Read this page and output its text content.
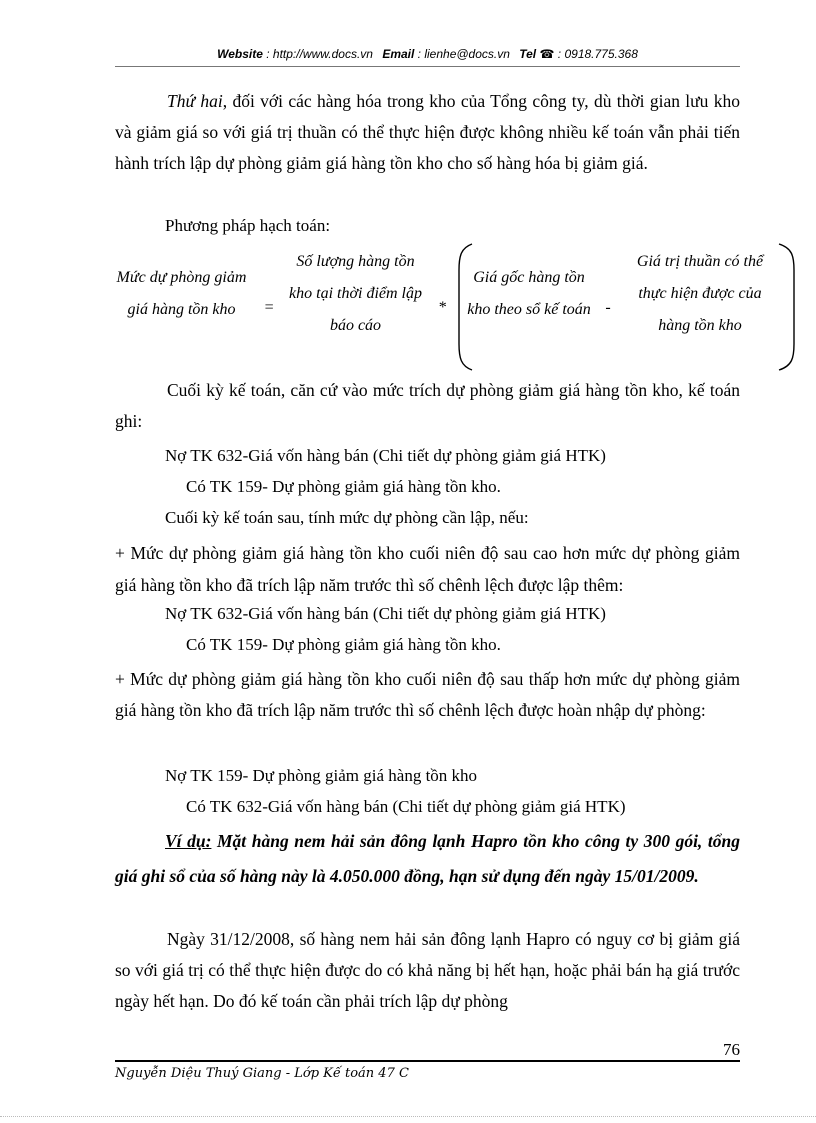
Website : http://www.docs.vn Email : lienhe@docs.vn Tel ☎ : 0918.775.368
Thứ hai, đối với các hàng hóa trong kho của Tổng công ty, dù thời gian lưu kho và giảm giá so với giá trị thuần có thể thực hiện được không nhiều kế toán vẫn phải tiến hành trích lập dự phòng giảm giá hàng tồn kho cho số hàng hóa bị giảm giá.
Phương pháp hạch toán:
Mức dự phòng giảm giá hàng tồn kho	=
Số lượng hàng tồn kho tại thời điểm lập báo cáo
*
Giá gốc hàng tồn kho theo sổ kế toán -
Giá trị thuần có thể thực hiện được của hàng tồn kho
Cuối kỳ kế toán, căn cứ vào mức trích dự phòng giảm giá hàng tồn kho, kế toán ghi:
Nợ TK 632-Giá vốn hàng bán (Chi tiết dự phòng giảm giá HTK)
Có TK 159- Dự phòng giảm giá hàng tồn kho.
Cuối kỳ kế toán sau, tính mức dự phòng cần lập, nếu:
+ Mức dự phòng giảm giá hàng tồn kho cuối niên độ sau cao hơn mức dự phòng giảm giá hàng tồn kho đã trích lập năm trước thì số chênh lệch được lập thêm:
Nợ TK 632-Giá vốn hàng bán (Chi tiết dự phòng giảm giá HTK)
Có TK 159- Dự phòng giảm giá hàng tồn kho.
+ Mức dự phòng giảm giá hàng tồn kho cuối niên độ sau thấp hơn mức dự phòng giảm giá hàng tồn kho đã trích lập năm trước thì số chênh lệch được hoàn nhập dự phòng:
Nợ TK 159- Dự phòng giảm giá hàng tồn kho
Có TK 632-Giá vốn hàng bán (Chi tiết dự phòng giảm giá HTK)
Ví dụ: Mặt hàng nem hải sản đông lạnh Hapro tồn kho công ty 300 gói, tổng giá ghi sổ của số hàng này là 4.050.000 đồng, hạn sử dụng đến ngày 15/01/2009.
Ngày 31/12/2008, số hàng nem hải sản đông lạnh Hapro có nguy cơ bị giảm giá so với giá trị có thể thực hiện được do có khả năng bị hết hạn, hoặc phải bán hạ giá trước ngày hết hạn. Do đó kế toán cần phải trích lập dự phòng
76
Nguyễn Diệu Thuý Giang - Lớp Kế toán 47 C
